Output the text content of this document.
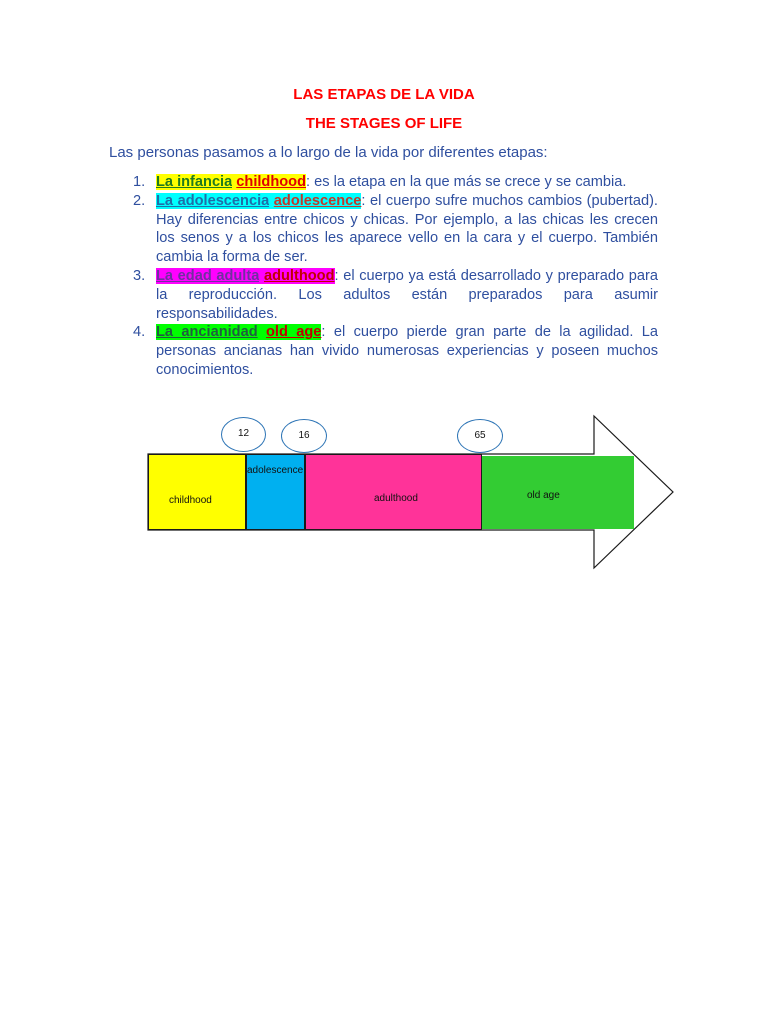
LAS ETAPAS DE LA VIDA
THE STAGES OF LIFE
Las personas pasamos a lo largo de la vida por diferentes etapas:
1. La infancia childhood: es la etapa en la que más se crece y se cambia.
2. La adolescencia adolescence: el cuerpo sufre muchos cambios (pubertad). Hay diferencias entre chicos y chicas. Por ejemplo, a las chicas les crecen los senos y a los chicos les aparece vello en la cara y el cuerpo. También cambia la forma de ser.
3. La edad adulta adulthood: el cuerpo ya está desarrollado y preparado para la reproducción. Los adultos están preparados para asumir responsabilidades.
4. La ancianidad old age: el cuerpo pierde gran parte de la agilidad. La personas ancianas han vivido numerosas experiencias y poseen muchos conocimientos.
childhood
adolescence
adulthood	old age
12	16	65
